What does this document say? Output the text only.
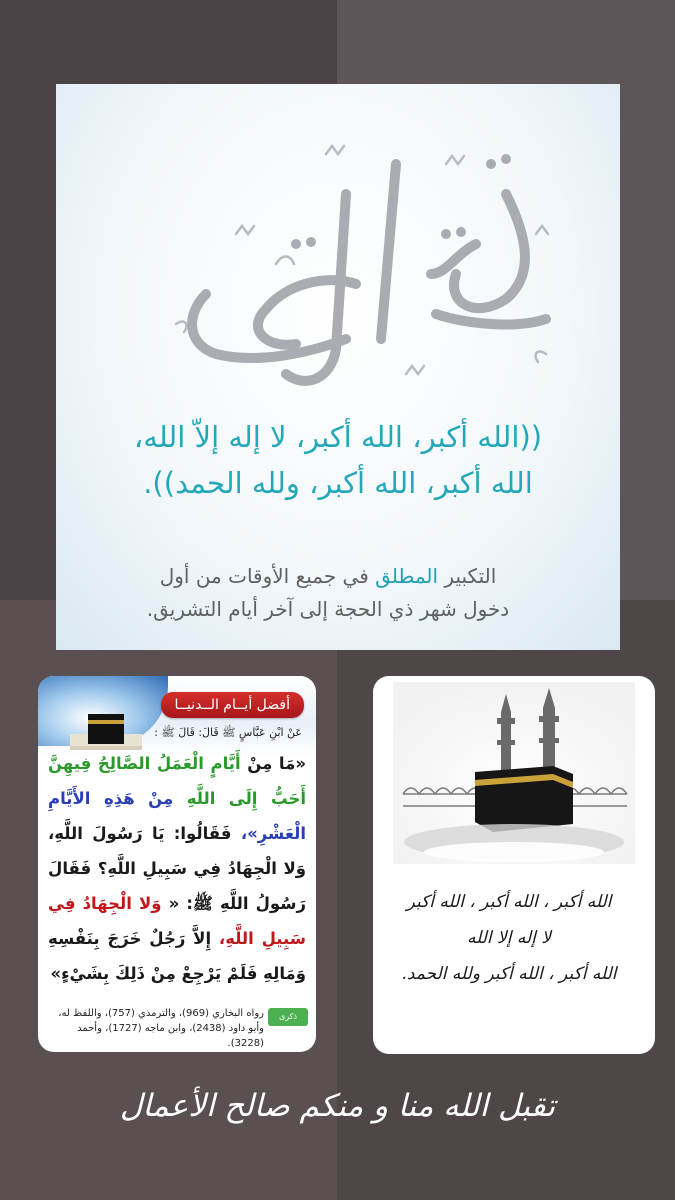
((الله أكبر، الله أكبر، لا إله إلاّ الله،
الله أكبر، الله أكبر، ولله الحمد)).
التكبير المطلق في جميع الأوقات من أول
دخول شهر ذي الحجة إلى آخر أيام التشريق.
أفضل أيــام الــدنيــا
عَنْ ابْنِ عَبَّاسٍ ﷺ قَالَ: قَالَ ﷺ :
«مَا مِنْ أَيَّامٍ الْعَمَلُ الصَّالِحُ فِيهِنَّ أَحَبُّ إِلَى اللَّهِ مِنْ هَذِهِ الأَيَّامِ الْعَشْرِ»، فَقَالُوا: يَا رَسُولَ اللَّهِ، وَلا الْجِهَادُ فِي سَبِيلِ اللَّهِ؟ فَقَالَ رَسُولُ اللَّهِ ﷺ: « وَلا الْجِهَادُ فِي سَبِيلِ اللَّهِ، إِلاَّ رَجُلٌ خَرَجَ بِنَفْسِهِ وَمَالِهِ فَلَمْ يَرْجِعْ مِنْ ذَلِكَ بِشَيْءٍ»
ذكرى للمؤمنين
رواه البخاري (969)، والترمذي (757)، واللفظ له، وأبو داود (2438)، وابن ماجه (1727)، وأحمد (3228).
الله أكبر ، الله أكبر ، الله أكبر
لا إله إلا الله
الله أكبر ، الله أكبر ولله الحمد.
تقبل الله منا و منكم صالح الأعمال
